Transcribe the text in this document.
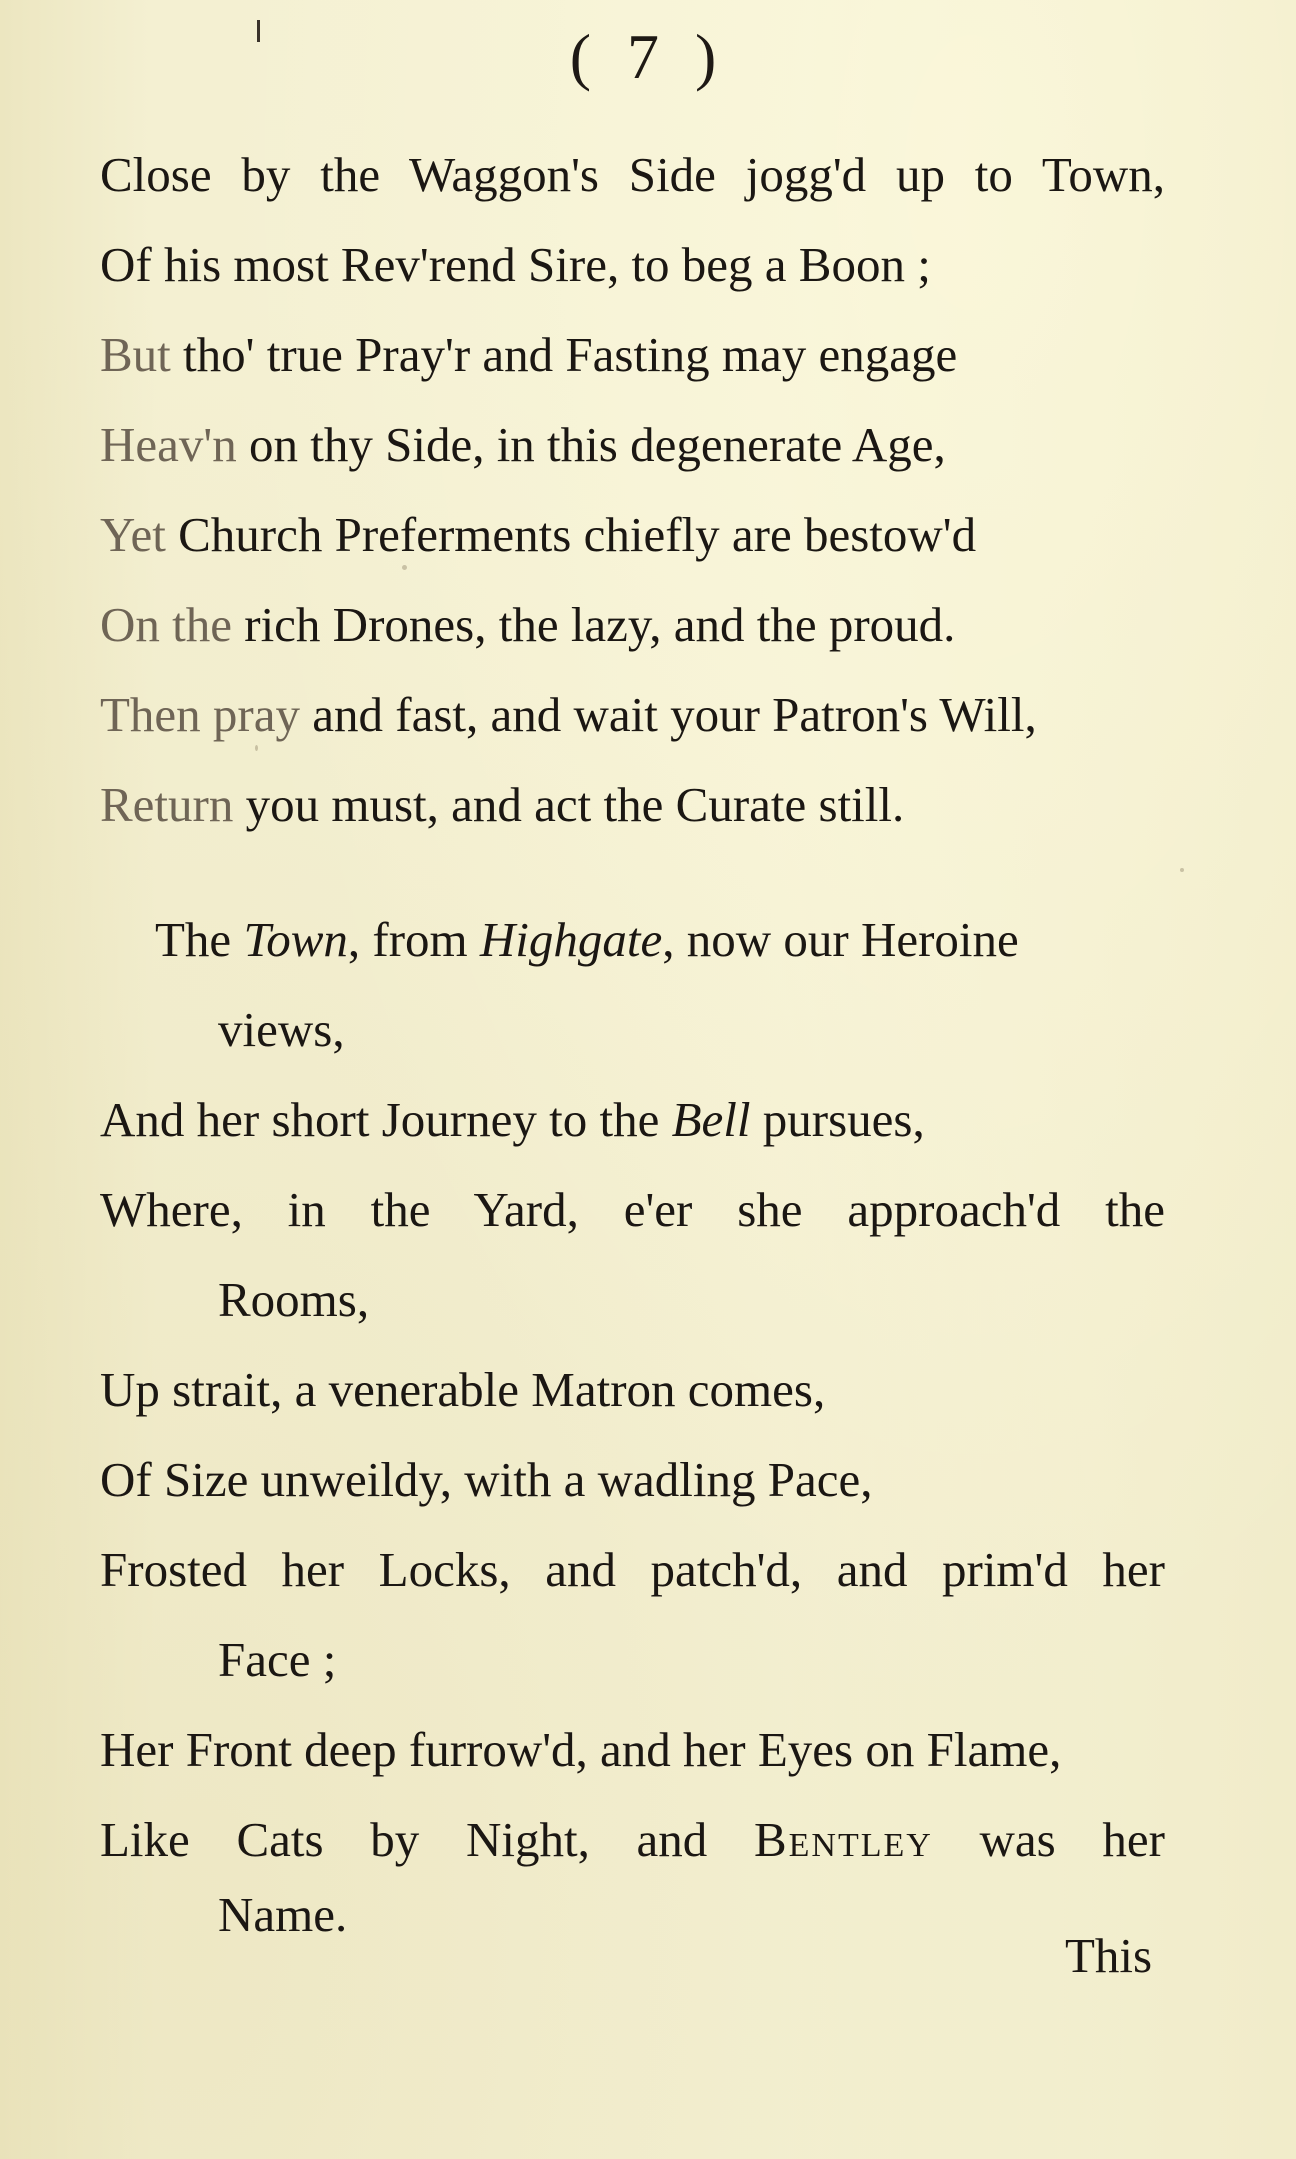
( 7 )
Close by the Waggon's Side jogg'd up to Town,
Of his most Rev'rend Sire, to beg a Boon ;
But tho' true Pray'r and Fasting may engage
Heav'n on thy Side, in this degenerate Age,
Yet Church Preferments chiefly are bestow'd
On the rich Drones, the lazy, and the proud.
Then pray and fast, and wait your Patron's Will,
Return you must, and act the Curate still.
The Town, from Highgate, now our Heroine
views,
And her short Journey to the Bell pursues,
Where, in the Yard, e'er she approach'd the
Rooms,
Up strait, a venerable Matron comes,
Of Size unweildy, with a wadling Pace,
Frosted her Locks, and patch'd, and prim'd her
Face ;
Her Front deep furrow'd, and her Eyes on Flame,
Like Cats by Night, and Bentley was her
Name.
This
